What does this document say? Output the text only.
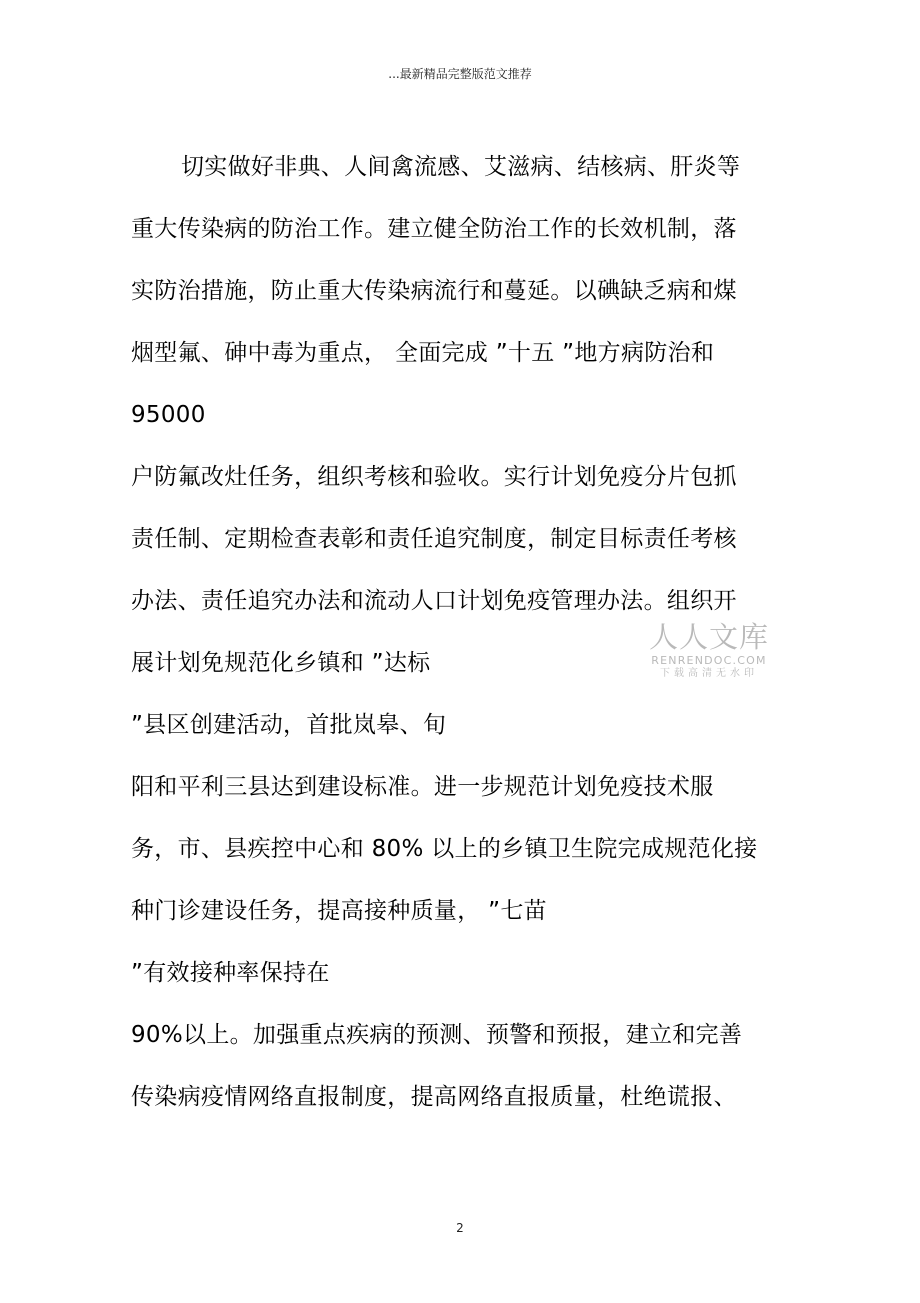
...最新精品完整版范文推荐
切实做好非典、人间禽流感、艾滋病、结核病、肝炎等
重大传染病的防治工作。建立健全防治工作的长效机制，落
实防治措施，防止重大传染病流行和蔓延。以碘缺乏病和煤
烟型氟、砷中毒为重点， 全面完成 ”十五 ”地方病防治和
95000
户防氟改灶任务，组织考核和验收。实行计划免疫分片包抓
责任制、定期检查表彰和责任追究制度，制定目标责任考核
办法、责任追究办法和流动人口计划免疫管理办法。组织开
展计划免规范化乡镇和 ”达标
”县区创建活动，首批岚皋、旬
阳和平利三县达到建设标准。进一步规范计划免疫技术服
务，市、县疾控中心和 80% 以上的乡镇卫生院完成规范化接
种门诊建设任务，提高接种质量， ”七苗
”有效接种率保持在
90%以上。加强重点疾病的预测、预警和预报，建立和完善
传染病疫情网络直报制度，提高网络直报质量，杜绝谎报、
人人文库
RENRENDOC.COM
下载高清无水印
2
